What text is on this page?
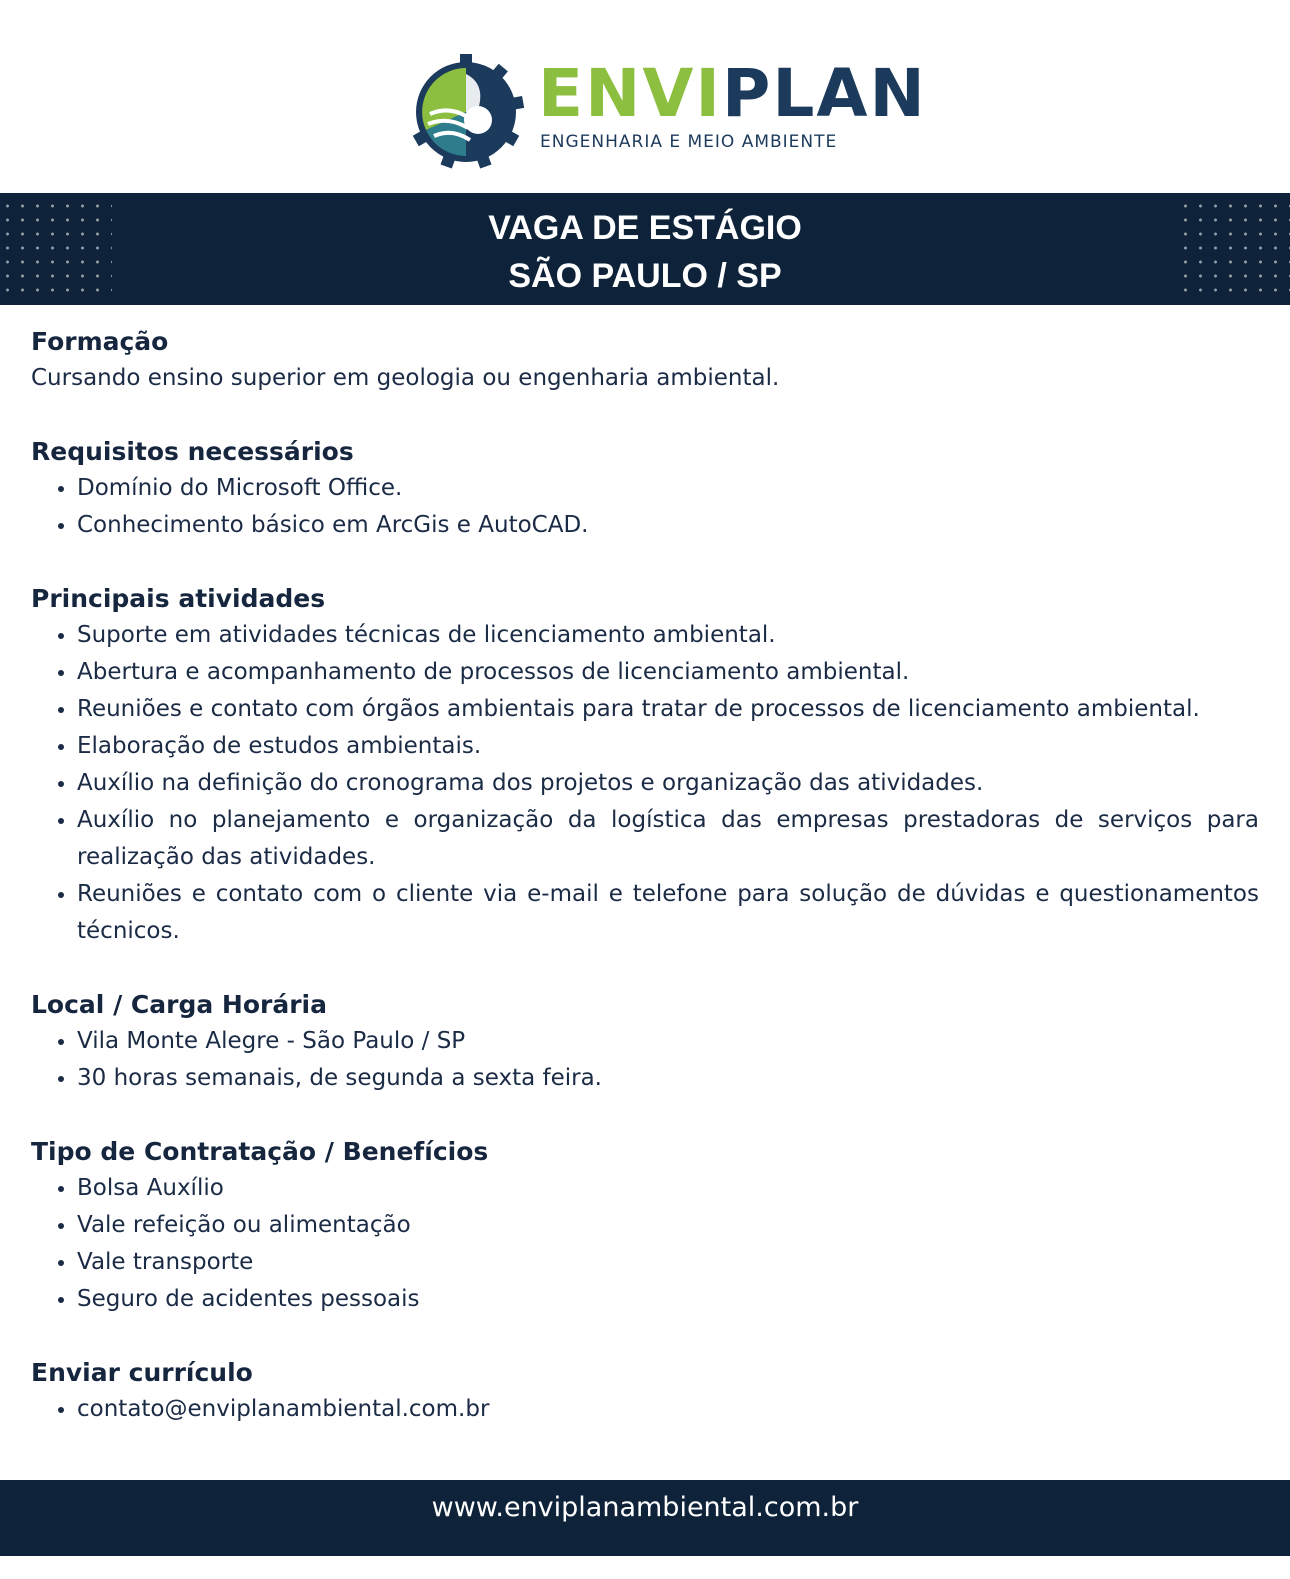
ENVIPLAN
ENGENHARIA E MEIO AMBIENTE
VAGA DE ESTÁGIO
SÃO PAULO / SP
Formação

Cursando ensino superior em geologia ou engenharia ambiental.

Requisitos necessários
• Domínio do Microsoft Office.
• Conhecimento básico em ArcGis e AutoCAD.
Principais atividades
• Suporte em atividades técnicas de licenciamento ambiental.
• Abertura e acompanhamento de processos de licenciamento ambiental.
• Reuniões e contato com órgãos ambientais para tratar de processos de licenciamento ambiental.
• Elaboração de estudos ambientais.
• Auxílio na definição do cronograma dos projetos e organização das atividades.
• Auxílio no planejamento e organização da logística das empresas prestadoras de serviços para realização das atividades.
• Reuniões e contato com o cliente via e-mail e telefone para solução de dúvidas e questionamentos técnicos.
Local / Carga Horária
• Vila Monte Alegre - São Paulo / SP
• 30 horas semanais, de segunda a sexta feira.
Tipo de Contratação / Benefícios
• Bolsa Auxílio
• Vale refeição ou alimentação
• Vale transporte
• Seguro de acidentes pessoais
Enviar currículo
• contato@enviplanambiental.com.br
www.enviplanambiental.com.br
